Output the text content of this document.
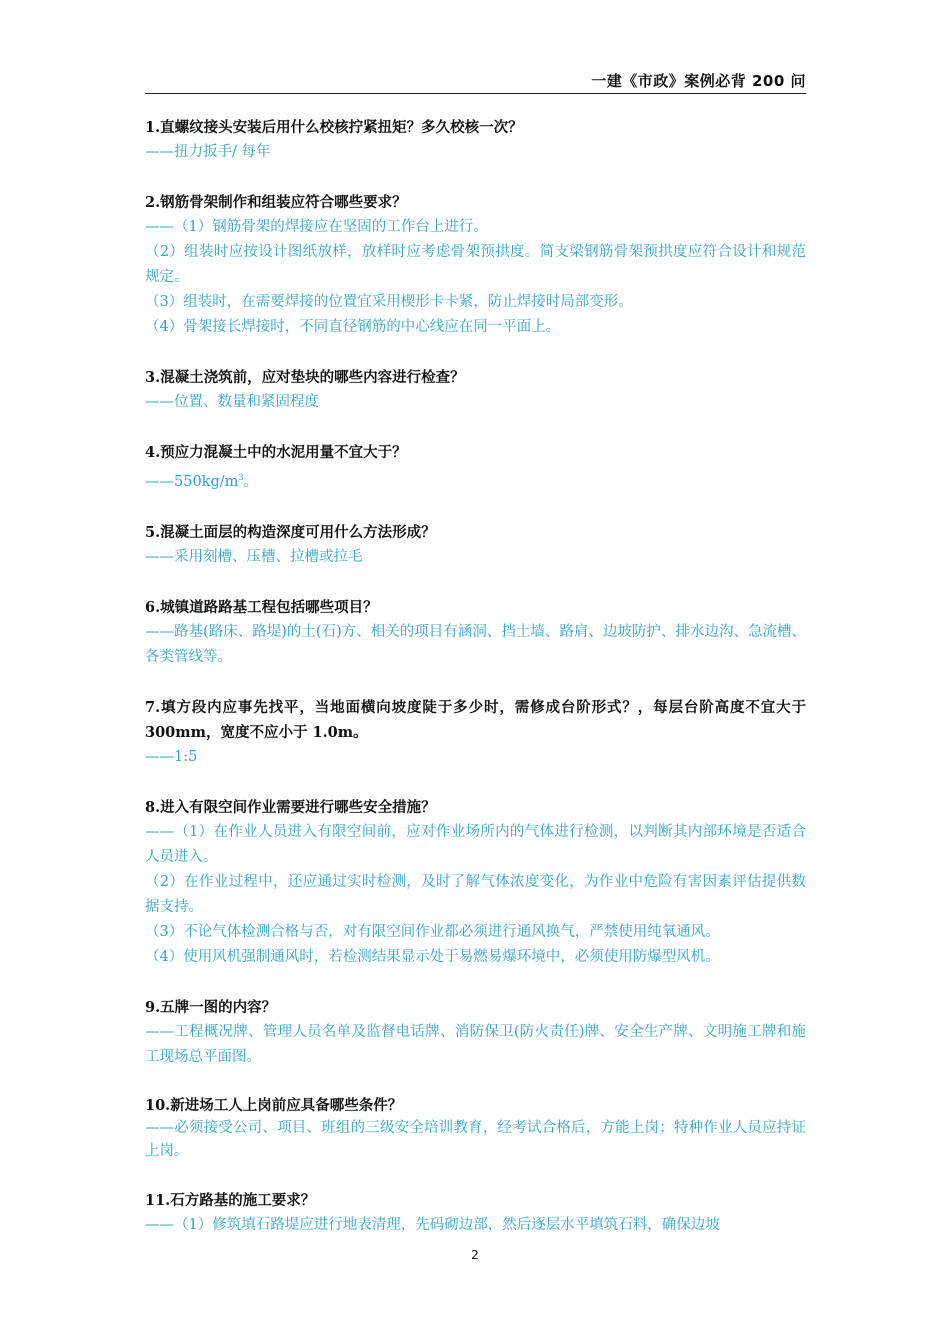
一建《市政》案例必背 200 问

1.直螺纹接头安装后用什么校核拧紧扭矩？多久校核一次？

——扭力扳手/ 每年

2.钢筋骨架制作和组装应符合哪些要求？

——（1）钢筋骨架的焊接应在坚固的工作台上进行。

（2）组装时应按设计图纸放样，放样时应考虑骨架预拱度。简支梁钢筋骨架预拱度应符合设计和规范规定。

（3）组装时，在需要焊接的位置宜采用楔形卡卡紧，防止焊接时局部变形。

（4）骨架接长焊接时，不同直径钢筋的中心线应在同一平面上。

3.混凝土浇筑前，应对垫块的哪些内容进行检查？

——位置、数量和紧固程度

4.预应力混凝土中的水泥用量不宜大于？

$——550kg/m^3$。

5.混凝土面层的构造深度可用什么方法形成？

——采用刻槽、压槽、拉槽或拉毛

6.城镇道路路基工程包括哪些项目？

——路基(路床、路堤)的土(石)方、相关的项目有涵洞、挡土墙、路肩、边坡防护、排水边沟、急流槽、各类管线等。

7.填方段内应事先找平，当地面横向坡度陡于多少时，需修成台阶形式？，每层台阶高度不宜大于 300mm，宽度不应小于 1.0m。

——1:5

8.进入有限空间作业需要进行哪些安全措施？

——（1）在作业人员进入有限空间前，应对作业场所内的气体进行检测，以判断其内部环境是否适合人员进入。

（2）在作业过程中，还应通过实时检测，及时了解气体浓度变化，为作业中危险有害因素评估提供数据支持。

（3）不论气体检测合格与否，对有限空间作业都必须进行通风换气，严禁使用纯氧通风。

（4）使用风机强制通风时，若检测结果显示处于易燃易爆环境中，必须使用防爆型风机。

9.五牌一图的内容？

——工程概况牌、管理人员名单及监督电话牌、消防保卫(防火责任)牌、安全生产牌、文明施工牌和施工现场总平面图。

10.新进场工人上岗前应具备哪些条件？

——必须接受公司、项目、班组的三级安全培训教育，经考试合格后，方能上岗；特种作业人员应持证上岗。

11.石方路基的施工要求？

——（1）修筑填石路堤应进行地表清理，先码砌边部，然后逐层水平填筑石料，确保边坡

2
